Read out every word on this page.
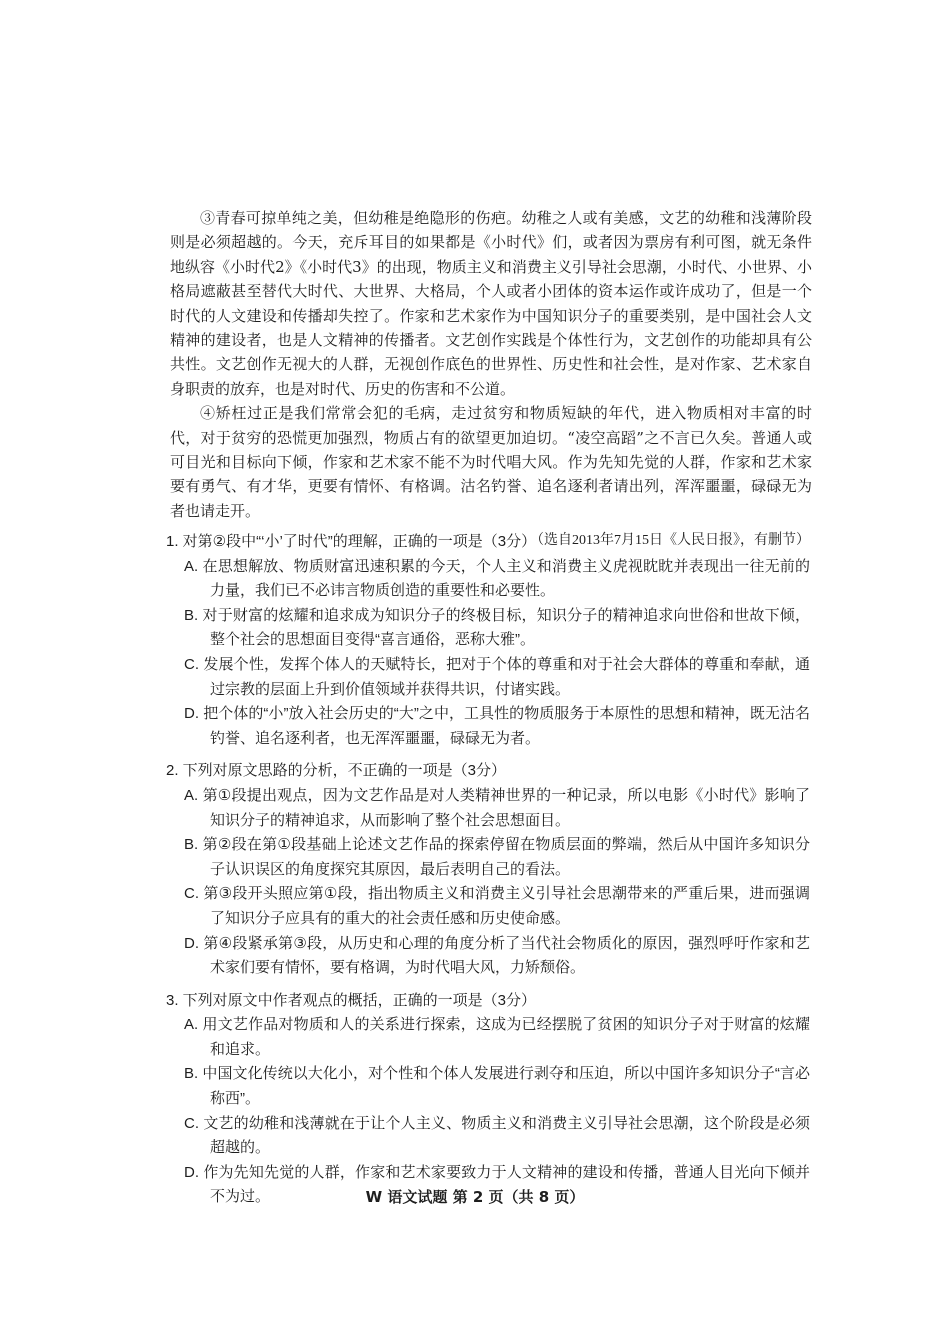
③青春可掠单纯之美，但幼稚是绝隐形的伤疤。幼稚之人或有美感，文艺的幼稚和浅薄阶段则是必须超越的。今天，充斥耳目的如果都是《小时代》们，或者因为票房有利可图，就无条件地纵容《小时代2》《小时代3》的出现，物质主义和消费主义引导社会思潮，小时代、小世界、小格局遮蔽甚至替代大时代、大世界、大格局，个人或者小团体的资本运作或许成功了，但是一个时代的人文建设和传播却失控了。作家和艺术家作为中国知识分子的重要类别，是中国社会人文精神的建设者，也是人文精神的传播者。文艺创作实践是个体性行为，文艺创作的功能却具有公共性。文艺创作无视大的人群，无视创作底色的世界性、历史性和社会性，是对作家、艺术家自身职责的放弃，也是对时代、历史的伤害和不公道。

④矫枉过正是我们常常会犯的毛病，走过贫穷和物质短缺的年代，进入物质相对丰富的时代，对于贫穷的恐慌更加强烈，物质占有的欲望更加迫切。“凌空高蹈”之不言已久矣。普通人或可目光和目标向下倾，作家和艺术家不能不为时代唱大风。作为先知先觉的人群，作家和艺术家要有勇气、有才华，更要有情怀、有格调。沽名钓誉、追名逐利者请出列，浑浑噩噩，碌碌无为者也请走开。

（选自2013年7月15日《人民日报》，有删节）

1. 对第②段中“‘小’了时代”的理解，正确的一项是（3分）

A. 在思想解放、物质财富迅速积累的今天，个人主义和消费主义虎视眈眈并表现出一往无前的力量，我们已不必讳言物质创造的重要性和必要性。

B. 对于财富的炫耀和追求成为知识分子的终极目标，知识分子的精神追求向世俗和世故下倾，整个社会的思想面目变得“喜言通俗，恶称大雅”。

C. 发展个性，发挥个体人的天赋特长，把对于个体的尊重和对于社会大群体的尊重和奉献，通过宗教的层面上升到价值领域并获得共识，付诸实践。

D. 把个体的“小”放入社会历史的“大”之中，工具性的物质服务于本原性的思想和精神，既无沽名钓誉、追名逐利者，也无浑浑噩噩，碌碌无为者。

2. 下列对原文思路的分析，不正确的一项是（3分）

A. 第①段提出观点，因为文艺作品是对人类精神世界的一种记录，所以电影《小时代》影响了知识分子的精神追求，从而影响了整个社会思想面目。

B. 第②段在第①段基础上论述文艺作品的探索停留在物质层面的弊端，然后从中国许多知识分子认识误区的角度探究其原因，最后表明自己的看法。

C. 第③段开头照应第①段，指出物质主义和消费主义引导社会思潮带来的严重后果，进而强调了知识分子应具有的重大的社会责任感和历史使命感。

D. 第④段紧承第③段，从历史和心理的角度分析了当代社会物质化的原因，强烈呼吁作家和艺术家们要有情怀，要有格调，为时代唱大风，力矫颓俗。

3. 下列对原文中作者观点的概括，正确的一项是（3分）

A. 用文艺作品对物质和人的关系进行探索，这成为已经摆脱了贫困的知识分子对于财富的炫耀和追求。

B. 中国文化传统以大化小，对个性和个体人发展进行剥夺和压迫，所以中国许多知识分子“言必称西”。

C. 文艺的幼稚和浅薄就在于让个人主义、物质主义和消费主义引导社会思潮，这个阶段是必须超越的。

D. 作为先知先觉的人群，作家和艺术家要致力于人文精神的建设和传播，普通人目光向下倾并不为过。	W 语文试题 第 2 页（共 8 页）
